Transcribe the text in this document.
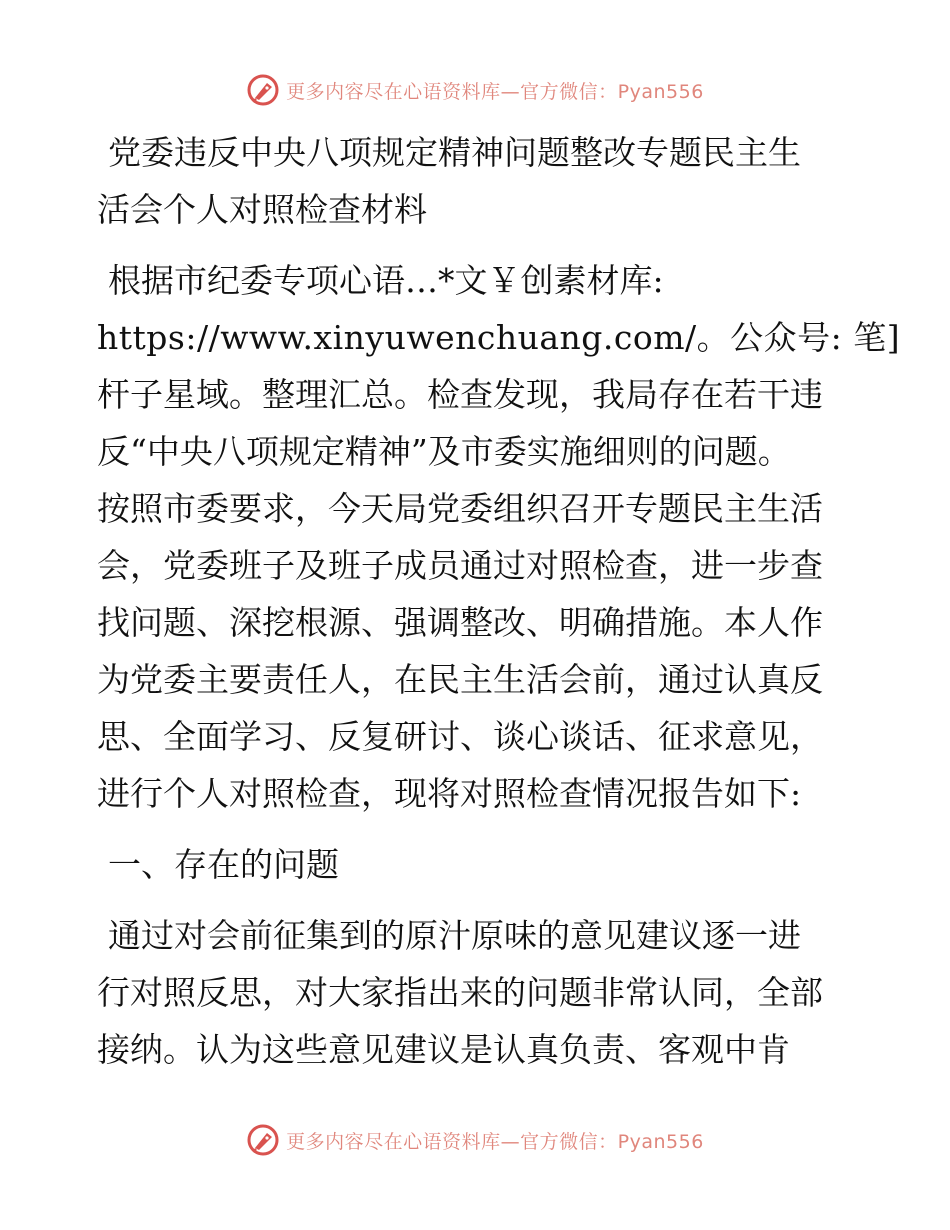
更多内容尽在心语资料库—官方微信：Pyan556
党委违反中央八项规定精神问题整改专题民主生
活会个人对照检查材料
根据市纪委专项心语…*文￥创素材库:
https://www.xinyuwenchuang.com/。公众号: 笔]
杆子星域。整理汇总。检查发现，我局存在若干违
反“中央八项规定精神”及市委实施细则的问题。
按照市委要求，今天局党委组织召开专题民主生活
会，党委班子及班子成员通过对照检查，进一步查
找问题、深挖根源、强调整改、明确措施。本人作
为党委主要责任人，在民主生活会前，通过认真反
思、全面学习、反复研讨、谈心谈话、征求意见，
进行个人对照检查，现将对照检查情况报告如下:
一、存在的问题
通过对会前征集到的原汁原味的意见建议逐一进
行对照反思，对大家指出来的问题非常认同，全部
接纳。认为这些意见建议是认真负责、客观中肯
更多内容尽在心语资料库—官方微信：Pyan556
